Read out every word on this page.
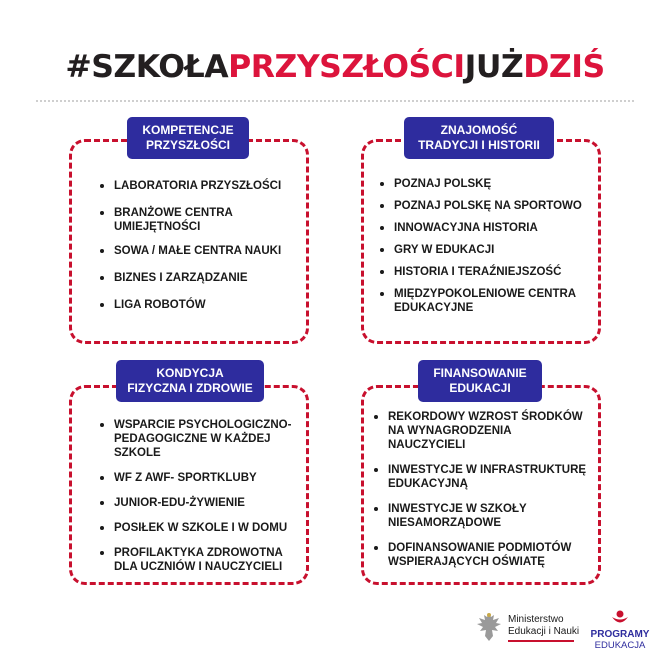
#SZKOŁAPRZYSZŁOŚCIJUŻDZIŚ
KOMPETENCJE
PRZYSZŁOŚCI
LABORATORIA PRZYSZŁOŚCI
BRANŻOWE CENTRA UMIEJĘTNOŚCI
SOWA / MAŁE CENTRA NAUKI
BIZNES I ZARZĄDZANIE
LIGA ROBOTÓW
ZNAJOMOŚĆ
TRADYCJI I HISTORII
POZNAJ POLSKĘ
POZNAJ POLSKĘ NA SPORTOWO
INNOWACYJNA HISTORIA
GRY W EDUKACJI
HISTORIA I TERAŹNIEJSZOŚĆ
MIĘDZYPOKOLENIOWE CENTRA EDUKACYJNE
KONDYCJA
FIZYCZNA I ZDROWIE
WSPARCIE PSYCHOLOGICZNO- PEDAGOGICZNE W KAŻDEJ SZKOLE
WF Z AWF- SPORTKLUBY
JUNIOR-EDU-ŻYWIENIE
POSIŁEK W SZKOLE I W DOMU
PROFILAKTYKA ZDROWOTNA DLA UCZNIÓW I NAUCZYCIELI
FINANSOWANIE
EDUKACJI
REKORDOWY WZROST ŚRODKÓW NA WYNAGRODZENIA NAUCZYCIELI
INWESTYCJE W INFRASTRUKTURĘ EDUKACYJNĄ
INWESTYCJE W SZKOŁY NIESAMORZĄDOWE
DOFINANSOWANIE PODMIOTÓW WSPIERAJĄCYCH OŚWIATĘ
Ministerstwo
Edukacji i Nauki	PROGRAMY
EDUKACJA
